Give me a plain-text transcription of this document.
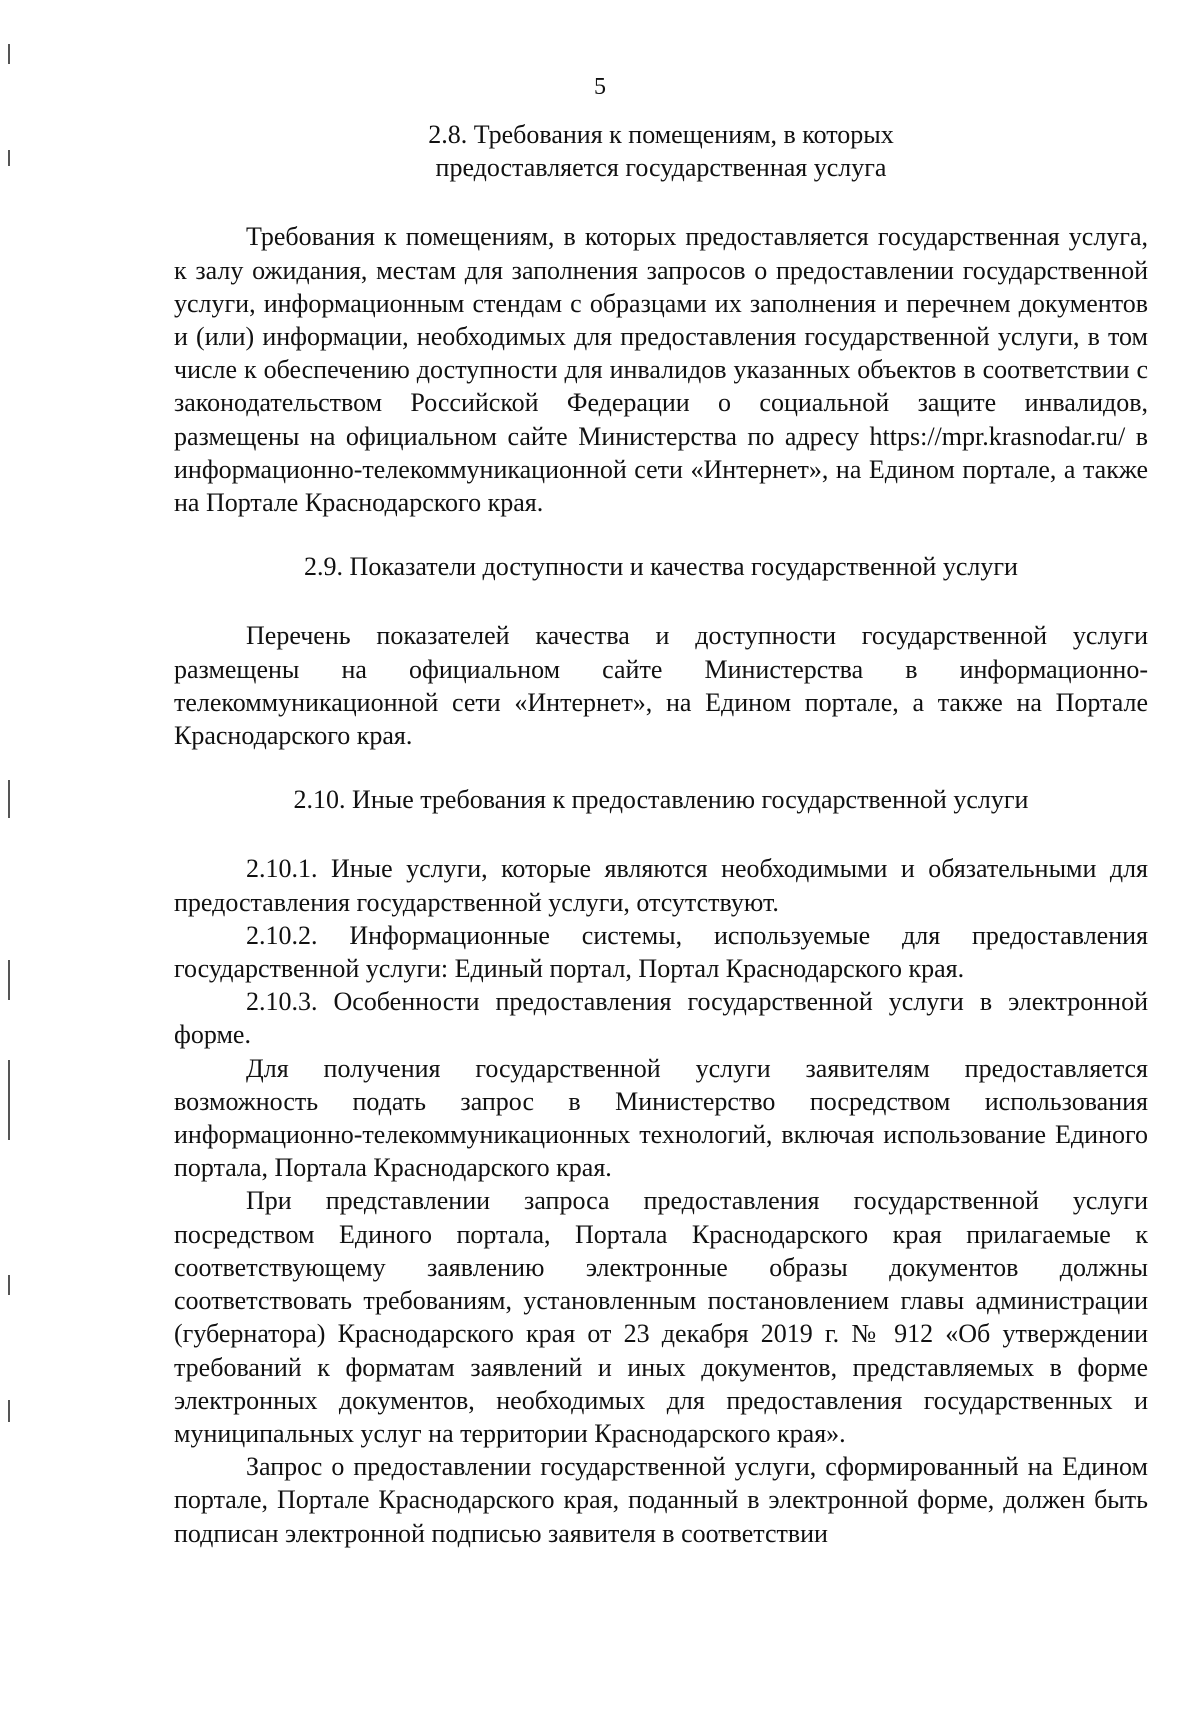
5
2.8. Требования к помещениям, в которых
предоставляется государственная услуга

Требования к помещениям, в которых предоставляется государственная услуга, к залу ожидания, местам для заполнения запросов о предоставлении государственной услуги, информационным стендам с образцами их заполнения и перечнем документов и (или) информации, необходимых для предоставления государственной услуги, в том числе к обеспечению доступности для инвалидов указанных объектов в соответствии с законодательством Российской Федерации о социальной защите инвалидов, размещены на официальном сайте Министерства по адресу https://mpr.krasnodar.ru/ в информационно-телекоммуникационной сети «Интернет», на Едином портале, а также на Портале Краснодарского края.

2.9. Показатели доступности и качества государственной услуги

Перечень показателей качества и доступности государственной услуги размещены на официальном сайте Министерства в информационно-телекоммуникационной сети «Интернет», на Едином портале, а также на Портале Краснодарского края.

2.10. Иные требования к предоставлению государственной услуги

2.10.1. Иные услуги, которые являются необходимыми и обязательными для предоставления государственной услуги, отсутствуют.

2.10.2. Информационные системы, используемые для предоставления государственной услуги: Единый портал, Портал Краснодарского края.

2.10.3. Особенности предоставления государственной услуги в электронной форме.

Для получения государственной услуги заявителям предоставляется возможность подать запрос в Министерство посредством использования информационно-телекоммуникационных технологий, включая использование Единого портала, Портала Краснодарского края.

При представлении запроса предоставления государственной услуги посредством Единого портала, Портала Краснодарского края прилагаемые к соответствующему заявлению электронные образы документов должны соответствовать требованиям, установленным постановлением главы администрации (губернатора) Краснодарского края от 23 декабря 2019 г. № 912 «Об утверждении требований к форматам заявлений и иных документов, представляемых в форме электронных документов, необходимых для предоставления государственных и муниципальных услуг на территории Краснодарского края».

Запрос о предоставлении государственной услуги, сформированный на Едином портале, Портале Краснодарского края, поданный в электронной форме, должен быть подписан электронной подписью заявителя в соответствии
